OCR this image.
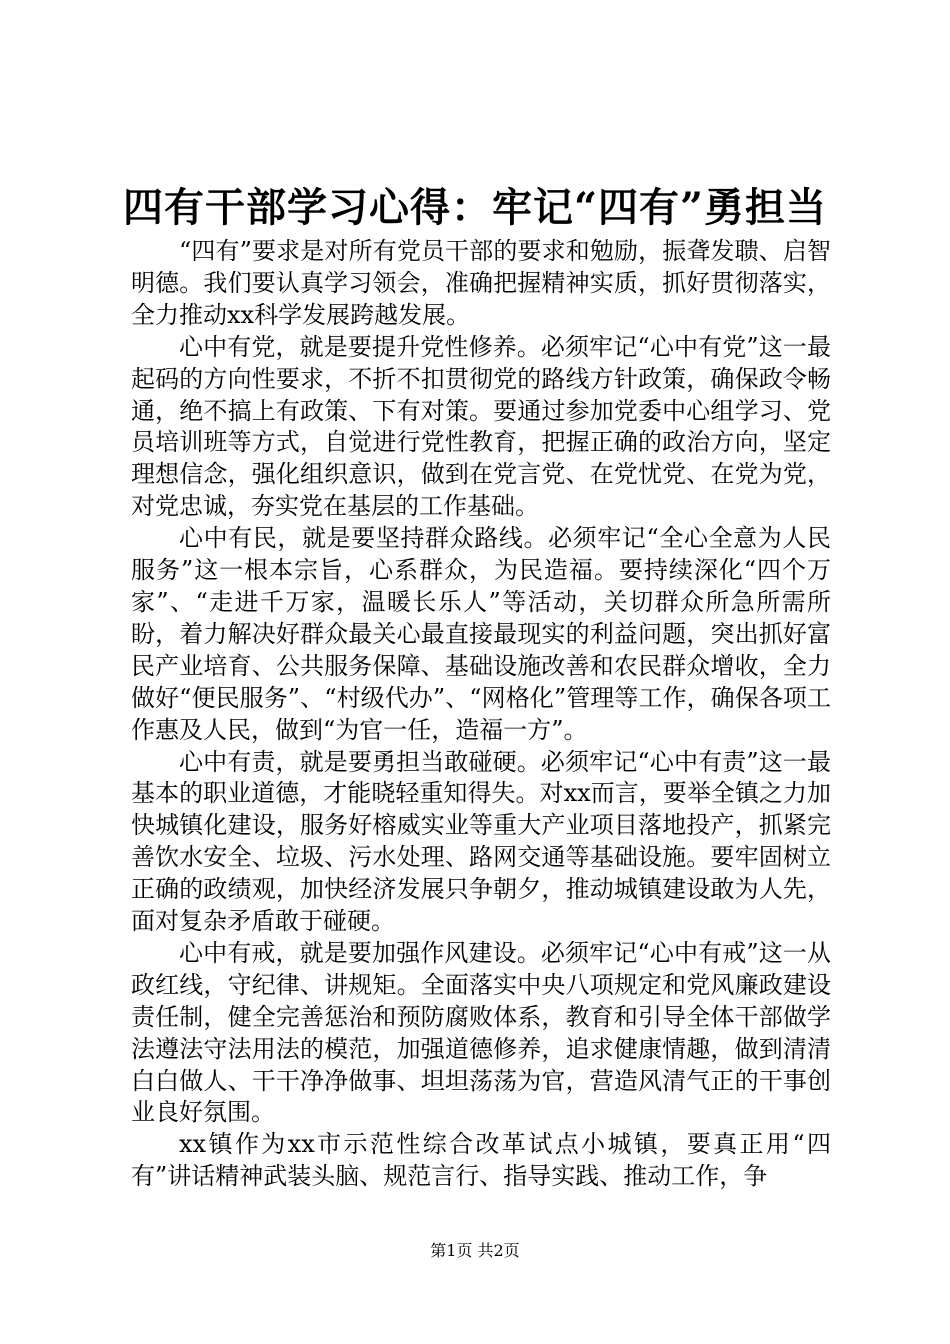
四有干部学习心得：牢记“四有”勇担当

“四有”要求是对所有党员干部的要求和勉励，振聋发聩、启智明德。我们要认真学习领会，准确把握精神实质，抓好贯彻落实，全力推动xx科学发展跨越发展。

心中有党，就是要提升党性修养。必须牢记“心中有党”这一最起码的方向性要求，不折不扣贯彻党的路线方针政策，确保政令畅通，绝不搞上有政策、下有对策。要通过参加党委中心组学习、党员培训班等方式，自觉进行党性教育，把握正确的政治方向，坚定理想信念，强化组织意识，做到在党言党、在党忧党、在党为党，对党忠诚，夯实党在基层的工作基础。

心中有民，就是要坚持群众路线。必须牢记“全心全意为人民服务”这一根本宗旨，心系群众，为民造福。要持续深化“四个万家”、“走进千万家，温暖长乐人”等活动，关切群众所急所需所盼，着力解决好群众最关心最直接最现实的利益问题，突出抓好富民产业培育、公共服务保障、基础设施改善和农民群众增收，全力做好“便民服务”、“村级代办”、“网格化”管理等工作，确保各项工作惠及人民，做到“为官一任，造福一方”。

心中有责，就是要勇担当敢碰硬。必须牢记“心中有责”这一最基本的职业道德，才能晓轻重知得失。对xx而言，要举全镇之力加快城镇化建设，服务好榕威实业等重大产业项目落地投产，抓紧完善饮水安全、垃圾、污水处理、路网交通等基础设施。要牢固树立正确的政绩观，加快经济发展只争朝夕，推动城镇建设敢为人先，面对复杂矛盾敢于碰硬。

心中有戒，就是要加强作风建设。必须牢记“心中有戒”这一从政红线，守纪律、讲规矩。全面落实中央八项规定和党风廉政建设责任制，健全完善惩治和预防腐败体系，教育和引导全体干部做学法遵法守法用法的模范，加强道德修养，追求健康情趣，做到清清白白做人、干干净净做事、坦坦荡荡为官，营造风清气正的干事创业良好氛围。

xx镇作为xx市示范性综合改革试点小城镇，要真正用“四有”讲话精神武装头脑、规范言行、指导实践、推动工作，争

第1页 共2页
